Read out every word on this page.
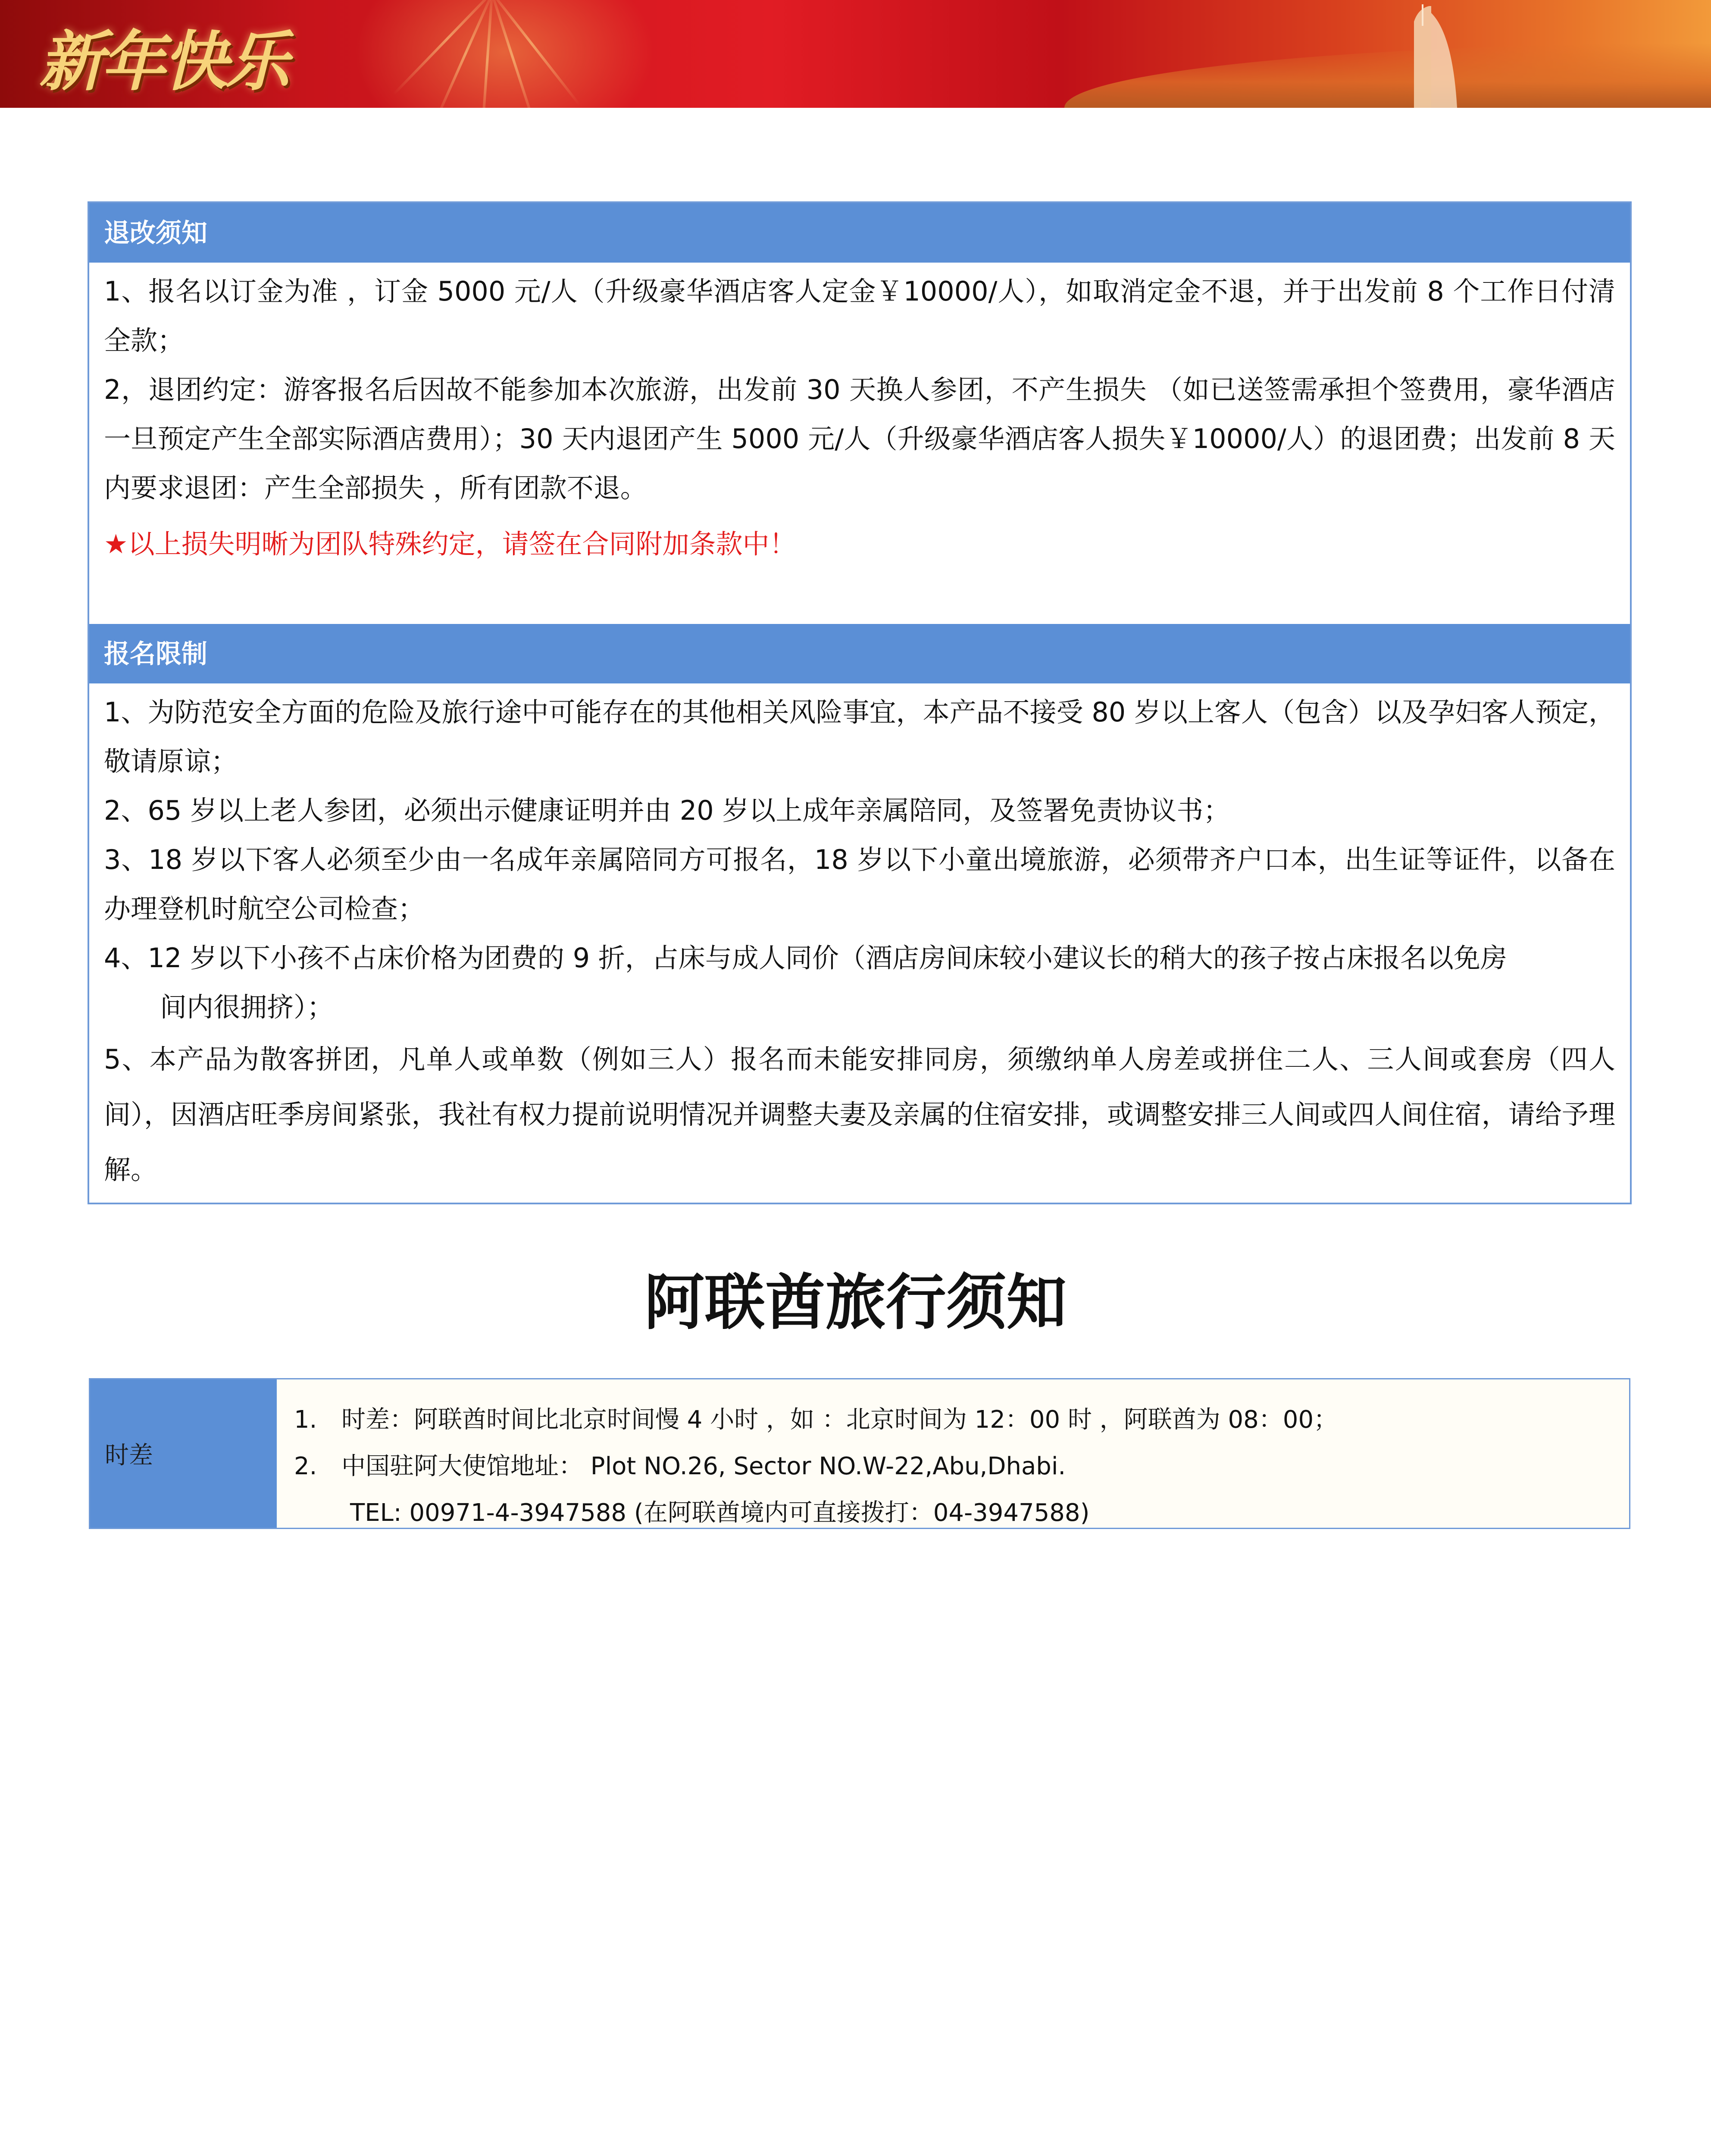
新年快乐
退改须知

1、报名以订金为准 ，订金 5000 元/人（升级豪华酒店客人定金￥10000/人），如取消定金不退，并于出发前 8 个工作日付清全款；

2，退团约定：游客报名后因故不能参加本次旅游，出发前 30 天换人参团，不产生损失 （如已送签需承担个签费用，豪华酒店一旦预定产生全部实际酒店费用）；30 天内退团产生 5000 元/人（升级豪华酒店客人损失￥10000/人）的退团费；出发前 8 天内要求退团：产生全部损失 ，所有团款不退。

★以上损失明晰为团队特殊约定，请签在合同附加条款中！

报名限制

1、为防范安全方面的危险及旅行途中可能存在的其他相关风险事宜，本产品不接受 80 岁以上客人（包含）以及孕妇客人预定，敬请原谅；

2、65 岁以上老人参团，必须出示健康证明并由 20 岁以上成年亲属陪同，及签署免责协议书；

3、18 岁以下客人必须至少由一名成年亲属陪同方可报名，18 岁以下小童出境旅游，必须带齐户口本，出生证等证件，以备在办理登机时航空公司检查；

4、12 岁以下小孩不占床价格为团费的 9 折，占床与成人同价（酒店房间床较小建议长的稍大的孩子按占床报名以免房

间内很拥挤）；

5、本产品为散客拼团，凡单人或单数（例如三人）报名而未能安排同房，须缴纳单人房差或拼住二人、三人间或套房（四人间），因酒店旺季房间紧张，我社有权力提前说明情况并调整夫妻及亲属的住宿安排，或调整安排三人间或四人间住宿，请给予理解。

阿联酋旅行须知
时差
1. 时差：阿联酋时间比北京时间慢 4 小时 ，如 ：北京时间为 12：00 时 ，阿联酋为 08：00；
2. 中国驻阿大使馆地址： Plot NO.26, Sector NO.W-22,Abu,Dhabi.
TEL: 00971-4-3947588 (在阿联酋境内可直接拨打：04-3947588)
